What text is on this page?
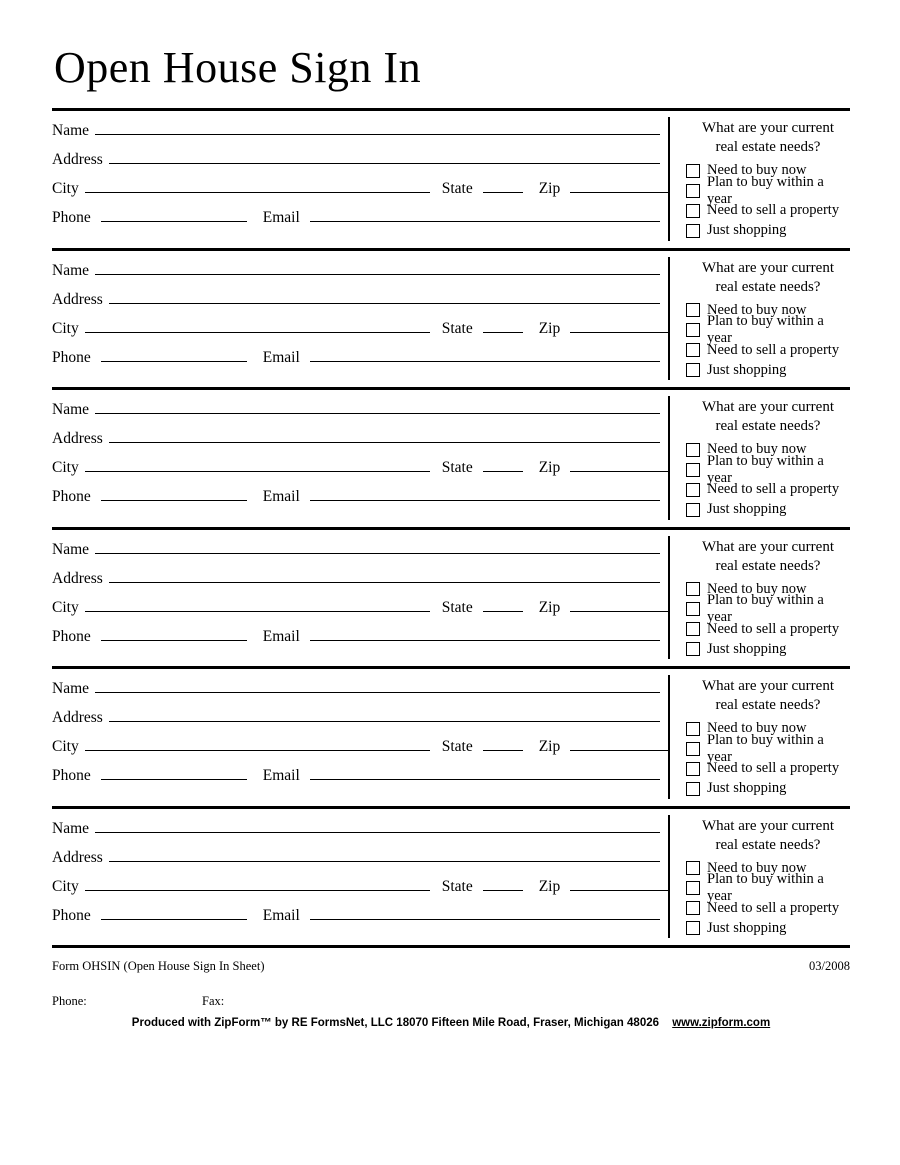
Open House Sign In
Name
Address
City	State	Zip
Phone	Email
What are your current real estate needs?
Need to buy now
Plan to buy within a year
Need to sell a property
Just shopping
Name
Address
City	State	Zip
Phone	Email
What are your current real estate needs?
Need to buy now
Plan to buy within a year
Need to sell a property
Just shopping
Name
Address
City	State	Zip
Phone	Email
What are your current real estate needs?
Need to buy now
Plan to buy within a year
Need to sell a property
Just shopping
Name
Address
City	State	Zip
Phone	Email
What are your current real estate needs?
Need to buy now
Plan to buy within a year
Need to sell a property
Just shopping
Name
Address
City	State	Zip
Phone	Email
What are your current real estate needs?
Need to buy now
Plan to buy within a year
Need to sell a property
Just shopping
Name
Address
City	State	Zip
Phone	Email
What are your current real estate needs?
Need to buy now
Plan to buy within a year
Need to sell a property
Just shopping
Form OHSIN (Open House Sign In Sheet)	03/2008
Phone:	Fax:
Produced with ZipForm™ by RE FormsNet, LLC 18070 Fifteen Mile Road, Fraser, Michigan 48026 www.zipform.com
